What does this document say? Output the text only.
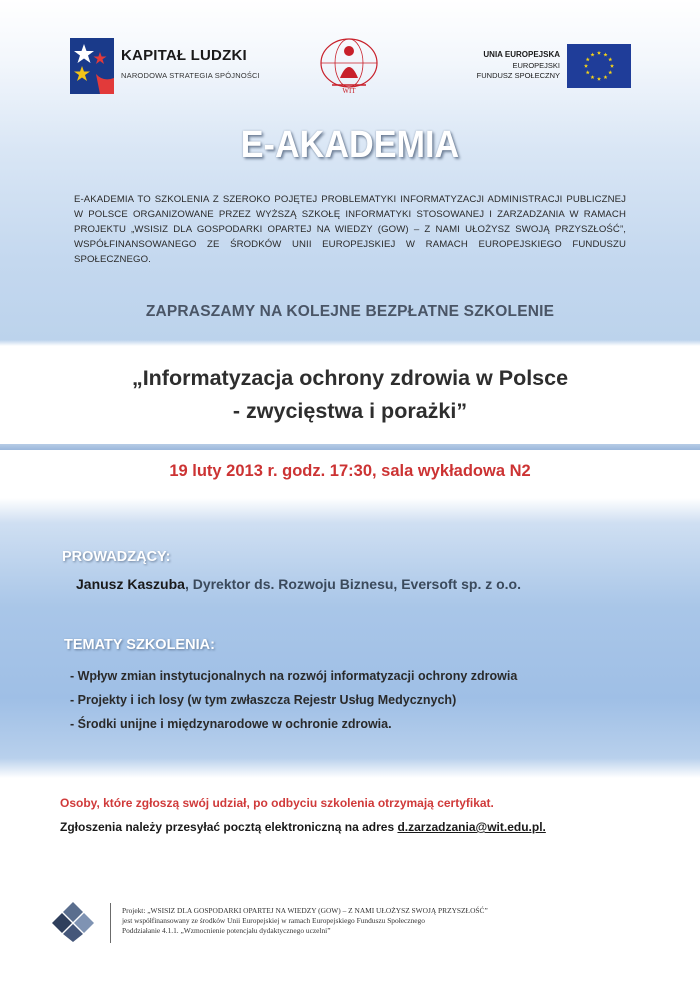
KAPITAŁ LUDZKI
NARODOWA STRATEGIA SPÓJNOŚCI
WIT
UNIA EUROPEJSKA
EUROPEJSKI
FUNDUSZ SPOŁECZNY
E-AKADEMIA
E-AKADEMIA TO SZKOLENIA Z SZEROKO POJĘTEJ PROBLEMATYKI INFORMATYZACJI ADMINISTRACJI PUBLICZNEJ W POLSCE ORGANIZOWANE PRZEZ WYŻSZĄ SZKOŁĘ INFORMATYKI STOSOWANEJ I ZARZADZANIA W RAMACH PROJEKTU „WSISIZ DLA GOSPODARKI OPARTEJ NA WIEDZY (GOW) – Z NAMI UŁOŻYSZ SWOJĄ PRZYSZŁOŚĆ”, WSPÓŁFINANSOWANEGO ZE ŚRODKÓW UNII EUROPEJSKIEJ W RAMACH EUROPEJSKIEGO FUNDUSZU SPOŁECZNEGO.
ZAPRASZAMY NA KOLEJNE BEZPŁATNE SZKOLENIE
„Informatyzacja ochrony zdrowia w Polsce
- zwycięstwa i porażki”
19 luty 2013 r. godz. 17:30, sala wykładowa N2
PROWADZĄCY:
Janusz Kaszuba, Dyrektor ds. Rozwoju Biznesu, Eversoft sp. z o.o.
TEMATY SZKOLENIA:
- Wpływ zmian instytucjonalnych na rozwój informatyzacji ochrony zdrowia
- Projekty i ich losy (w tym zwłaszcza Rejestr Usług Medycznych)
- Środki unijne i międzynarodowe w ochronie zdrowia.
Osoby, które zgłoszą swój udział, po odbyciu szkolenia otrzymają certyfikat.
Zgłoszenia należy przesyłać pocztą elektroniczną na adres d.zarzadzania@wit.edu.pl.
Projekt: „WSISIZ DLA GOSPODARKI OPARTEJ NA WIEDZY (GOW) – Z NAMI UŁOŻYSZ SWOJĄ PRZYSZŁOŚĆ”
jest współfinansowany ze środków Unii Europejskiej w ramach Europejskiego Funduszu Społecznego
Poddziałanie 4.1.1. „Wzmocnienie potencjału dydaktycznego uczelni”
